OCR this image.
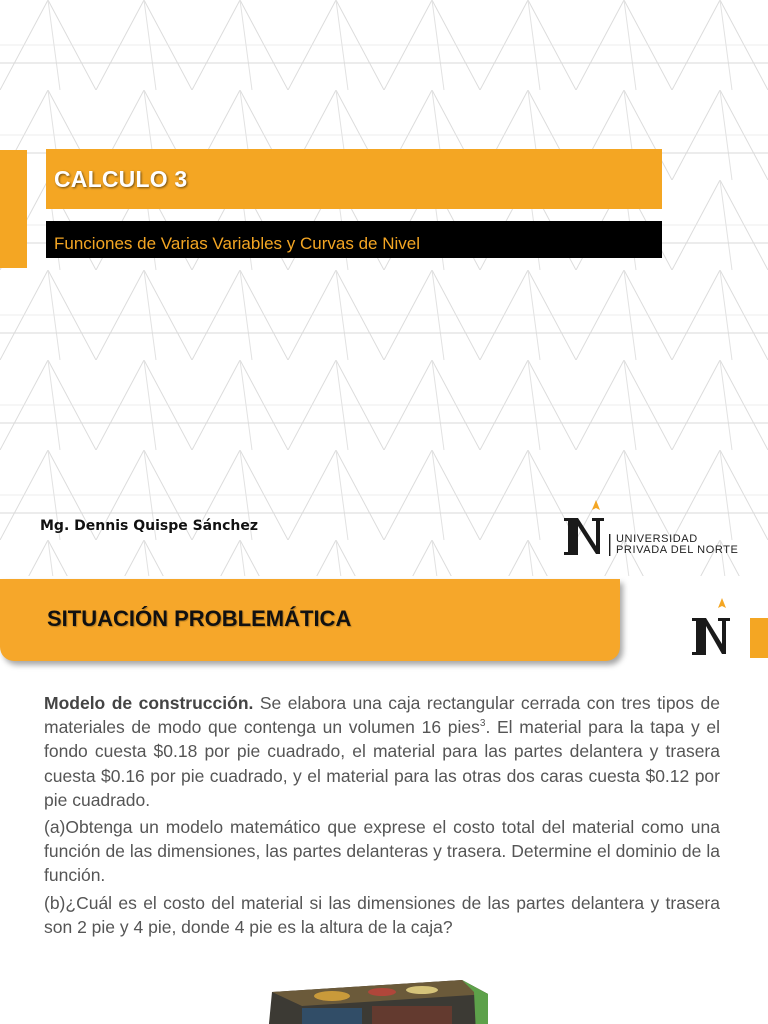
CALCULO 3
Funciones de Varias Variables y Curvas de Nivel
Mg. Dennis Quispe Sánchez
UNIVERSIDAD
PRIVADA DEL NORTE
SITUACIÓN PROBLEMÁTICA

Modelo de construcción. Se elabora una caja rectangular cerrada con tres tipos de materiales de modo que contenga un volumen 16 pies$^3$. El material para la tapa y el fondo cuesta $0.18 por pie cuadrado, el material para las partes delantera y trasera cuesta $0.16 por pie cuadrado, y el material para las otras dos caras cuesta $0.12 por pie cuadrado.

(a)Obtenga un modelo matemático que exprese el costo total del material como una función de las dimensiones, las partes delanteras y trasera. Determine el dominio de la función.

(b)¿Cuál es el costo del material si las dimensiones de las partes delantera y trasera son 2 pie y 4 pie, donde 4 pie es la altura de la caja?
